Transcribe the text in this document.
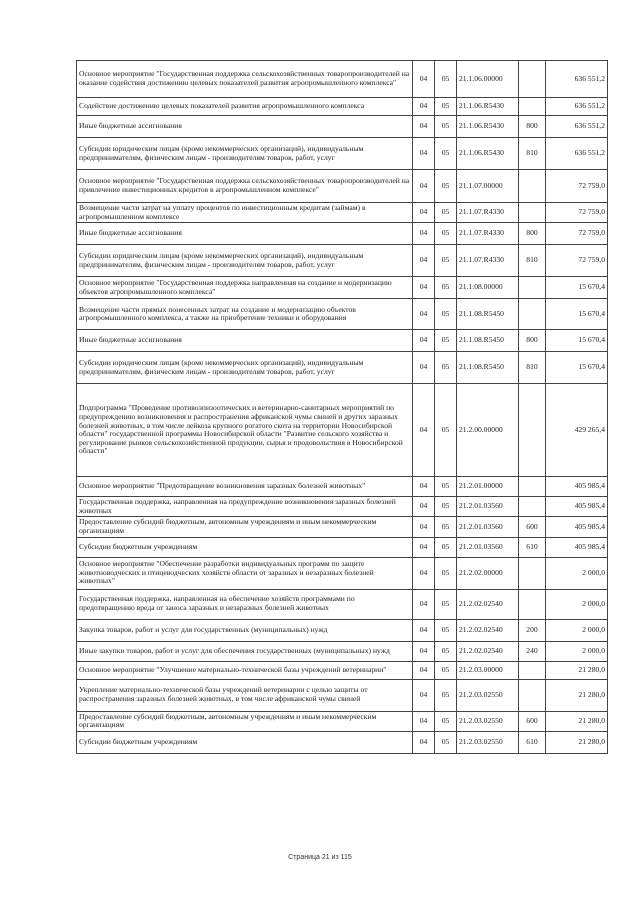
Основное мероприятие "Государственная поддержка сельскохозяйственных товаропроизводителей на оказание содействия достижению целевых показателей развития агропромышленного комплекса"	04	05	21.1.06.00000		636 551,2
Содействие достижению целевых показателей развития агропромышленного комплекса	04	05	21.1.06.R5430		636 551,2
Иные бюджетные ассигнования	04	05	21.1.06.R5430	800	636 551,2
Субсидии юридическим лицам (кроме некоммерческих организаций), индивидуальным предпринимателям, физическим лицам - производителям товаров, работ, услуг	04	05	21.1.06.R5430	810	636 551,2
Основное мероприятие "Государственная поддержка сельскохозяйственных товаропроизводителей на привлечение инвестиционных кредитов в агропромышленном комплексе"	04	05	21.1.07.00000		72 759,0
Возмещение части затрат на уплату процентов по инвестиционным кредитам (займам) в агропромышленном комплексе	04	05	21.1.07.R4330		72 759,0
Иные бюджетные ассигнования	04	05	21.1.07.R4330	800	72 759,0
Субсидии юридическим лицам (кроме некоммерческих организаций), индивидуальным предпринимателям, физическим лицам - производителям товаров, работ, услуг	04	05	21.1.07.R4330	810	72 759,0
Основное мероприятие "Государственная поддержка направленная на создание и модернизацию объектов агропромышленного комплекса"	04	05	21.1.08.00000		15 670,4
Возмещение части прямых понесенных затрат на создание и модернизацию объектов агропромышленного комплекса, а также на приобретение техники и оборудования	04	05	21.1.08.R5450		15 670,4
Иные бюджетные ассигнования	04	05	21.1.08.R5450	800	15 670,4
Субсидии юридическим лицам (кроме некоммерческих организаций), индивидуальным предпринимателям, физическим лицам - производителям товаров, работ, услуг	04	05	21.1.08.R5450	810	15 670,4
Подпрограмма "Проведение противоэпизоотических и ветеринарно-санитарных мероприятий по предупреждению возникновения и распространения африканской чумы свиней и других заразных болезней животных, в том числе лейкоза крупного рогатого скота на территории Новосибирской области" государственной программы Новосибирской области "Развитие сельского хозяйства и регулирование рынков сельскохозяйственной продукции, сырья и продовольствия в Новосибирской области"	04	05	21.2.00.00000		429 265,4
Основное мероприятие "Предотвращение возникновения заразных болезней животных"	04	05	21.2.01.00000		405 985,4
Государственная поддержка, направленная на предупреждение возникновения заразных болезней животных	04	05	21.2.01.03560		405 985,4
Предоставление субсидий бюджетным, автономным учреждениям и иным некоммерческим организациям	04	05	21.2.01.03560	600	405 985,4
Субсидии бюджетным учреждениям	04	05	21.2.01.03560	610	405 985,4
Основное мероприятие "Обеспечение разработки индивидуальных программ по защите животноводческих и птицеводческих хозяйств области от заразных и незаразных болезней животных"	04	05	21.2.02.00000		2 000,0
Государственная поддержка, направленная на обеспечение хозяйств программами по предотвращению вреда от заноса заразных и незаразных болезней животных	04	05	21.2.02.02540		2 000,0
Закупка товаров, работ и услуг для государственных (муниципальных) нужд	04	05	21.2.02.02540	200	2 000,0
Иные закупки товаров, работ и услуг для обеспечения государственных (муниципальных) нужд	04	05	21.2.02.02540	240	2 000,0
Основное мероприятие "Улучшение материально-технической базы учреждений ветеринарии"	04	05	21.2.03.00000		21 280,0
Укрепление материально-технической базы учреждений ветеринарии с целью защиты от распространения заразных болезней животных, в том числе африканской чумы свиней	04	05	21.2.03.02550		21 280,0
Предоставление субсидий бюджетным, автономным учреждениям и иным некоммерческим организациям	04	05	21.2.03.02550	600	21 280,0
Субсидии бюджетным учреждениям	04	05	21.2.03.02550	610	21 280,0
Страница 21 из 115
